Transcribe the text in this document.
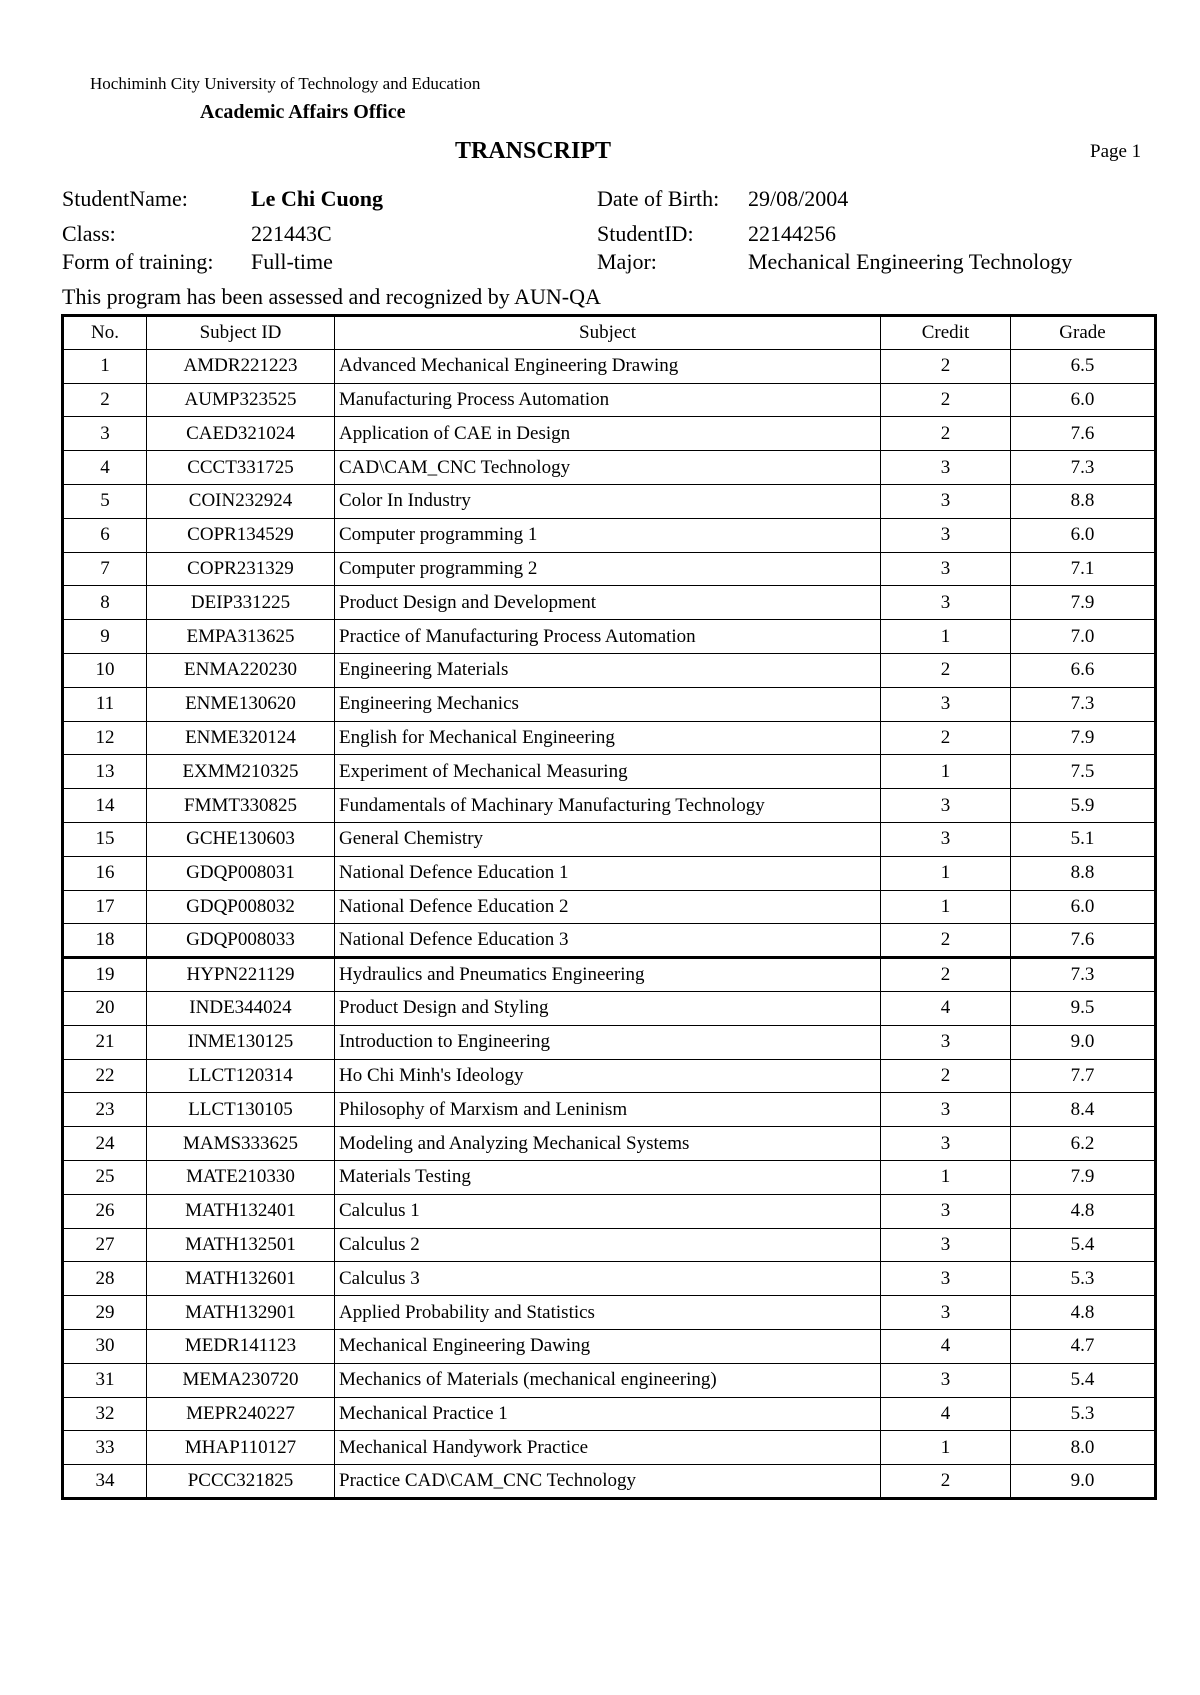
Hochiminh City University of Technology and Education
Academic Affairs Office
TRANSCRIPT	Page 1
StudentName:	Le Chi Cuong	Date of Birth: 29/08/2004
Class:	221443C	StudentID: 22144256
Form of training: Full-time	Major:	Mechanical Engineering Technology
This program has been assessed and recognized by AUN-QA
No.	Subject ID	Subject	Credit	Grade
1	AMDR221223	Advanced Mechanical Engineering Drawing	2	6.5
2	AUMP323525	Manufacturing Process Automation	2	6.0
3	CAED321024	Application of CAE in Design	2	7.6
4	CCCT331725	CAD\CAM_CNC Technology	3	7.3
5	COIN232924	Color In Industry	3	8.8
6	COPR134529	Computer programming 1	3	6.0
7	COPR231329	Computer programming 2	3	7.1
8	DEIP331225	Product Design and Development	3	7.9
9	EMPA313625	Practice of Manufacturing Process Automation	1	7.0
10	ENMA220230	Engineering Materials	2	6.6
11	ENME130620	Engineering Mechanics	3	7.3
12	ENME320124	English for Mechanical Engineering	2	7.9
13	EXMM210325	Experiment of Mechanical Measuring	1	7.5
14	FMMT330825	Fundamentals of Machinary Manufacturing Technology	3	5.9
15	GCHE130603	General Chemistry	3	5.1
16	GDQP008031	National Defence Education 1	1	8.8
17	GDQP008032	National Defence Education 2	1	6.0
18	GDQP008033	National Defence Education 3	2	7.6
19	HYPN221129	Hydraulics and Pneumatics Engineering	2	7.3
20	INDE344024	Product Design and Styling	4	9.5
21	INME130125	Introduction to Engineering	3	9.0
22	LLCT120314	Ho Chi Minh's Ideology	2	7.7
23	LLCT130105	Philosophy of Marxism and Leninism	3	8.4
24	MAMS333625	Modeling and Analyzing Mechanical Systems	3	6.2
25	MATE210330	Materials Testing	1	7.9
26	MATH132401	Calculus 1	3	4.8
27	MATH132501	Calculus 2	3	5.4
28	MATH132601	Calculus 3	3	5.3
29	MATH132901	Applied Probability and Statistics	3	4.8
30	MEDR141123	Mechanical Engineering Dawing	4	4.7
31	MEMA230720	Mechanics of Materials (mechanical engineering)	3	5.4
32	MEPR240227	Mechanical Practice 1	4	5.3
33	MHAP110127	Mechanical Handywork Practice	1	8.0
34	PCCC321825	Practice CAD\CAM_CNC Technology	2	9.0
